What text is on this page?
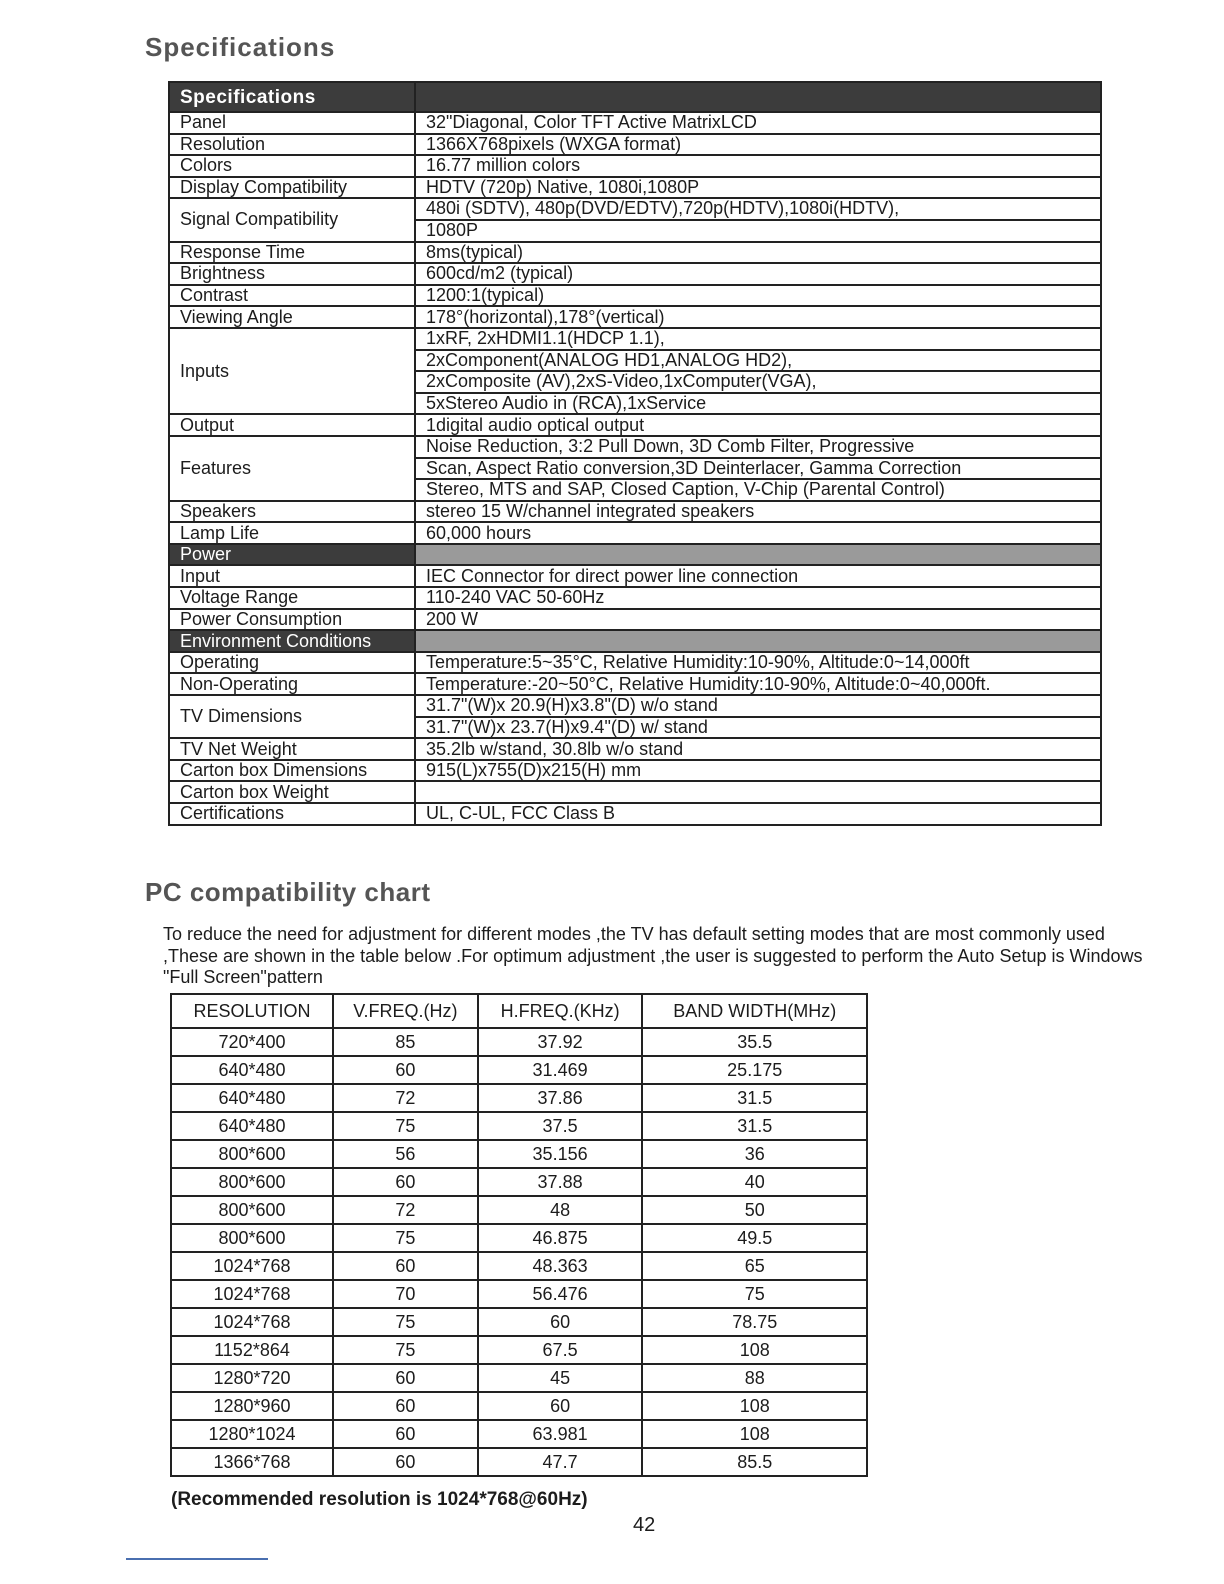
Specifications
Specifications	
Panel	32"Diagonal, Color TFT Active MatrixLCD
Resolution	1366X768pixels (WXGA format)
Colors	16.77 million colors
Display Compatibility	HDTV (720p) Native, 1080i,1080P
Signal Compatibility	480i (SDTV), 480p(DVD/EDTV),720p(HDTV),1080i(HDTV),
1080P

Response Time	8ms(typical)
Brightness	600cd/m2 (typical)
Contrast	1200:1(typical)
Viewing Angle	178°(horizontal),178°(vertical)
Inputs	1xRF, 2xHDMI1.1(HDCP 1.1),
2xComponent(ANALOG HD1,ANALOG HD2),
2xComposite (AV),2xS-Video,1xComputer(VGA),
5xStereo Audio in (RCA),1xService

Output	1digital audio optical output
Features	Noise Reduction, 3:2 Pull Down, 3D Comb Filter, Progressive
Scan, Aspect Ratio conversion,3D Deinterlacer, Gamma Correction
Stereo, MTS and SAP, Closed Caption, V-Chip (Parental Control)

Speakers	stereo 15 W/channel integrated speakers
Lamp Life	60,000 hours
Power	
Input	IEC Connector for direct power line connection
Voltage Range	110-240 VAC 50-60Hz
Power Consumption	200 W
Environment Conditions	
Operating	Temperature:5~35°C, Relative Humidity:10-90%, Altitude:0~14,000ft
Non-Operating	Temperature:-20~50°C, Relative Humidity:10-90%, Altitude:0~40,000ft.
TV Dimensions	31.7"(W)x 20.9(H)x3.8"(D) w/o stand
31.7"(W)x 23.7(H)x9.4"(D) w/ stand

TV Net Weight	35.2lb w/stand, 30.8lb w/o stand
Carton box Dimensions	915(L)x755(D)x215(H) mm
Carton box Weight	
Certifications	UL, C-UL, FCC Class B
PC compatibility chart

To reduce the need for adjustment for different modes ,the TV has default setting modes that are most commonly used ,These are shown in the table below .For optimum adjustment ,the user is suggested to perform the Auto Setup is Windows "Full Screen"pattern

RESOLUTION	V.FREQ.(Hz)	H.FREQ.(KHz)	BAND WIDTH(MHz)
720*400	85	37.92	35.5
640*480	60	31.469	25.175
640*480	72	37.86	31.5
640*480	75	37.5	31.5
800*600	56	35.156	36
800*600	60	37.88	40
800*600	72	48	50
800*600	75	46.875	49.5
1024*768	60	48.363	65
1024*768	70	56.476	75
1024*768	75	60	78.75
1152*864	75	67.5	108
1280*720	60	45	88
1280*960	60	60	108
1280*1024	60	63.981	108
1366*768	60	47.7	85.5

(Recommended resolution is 1024*768@60Hz)

42
